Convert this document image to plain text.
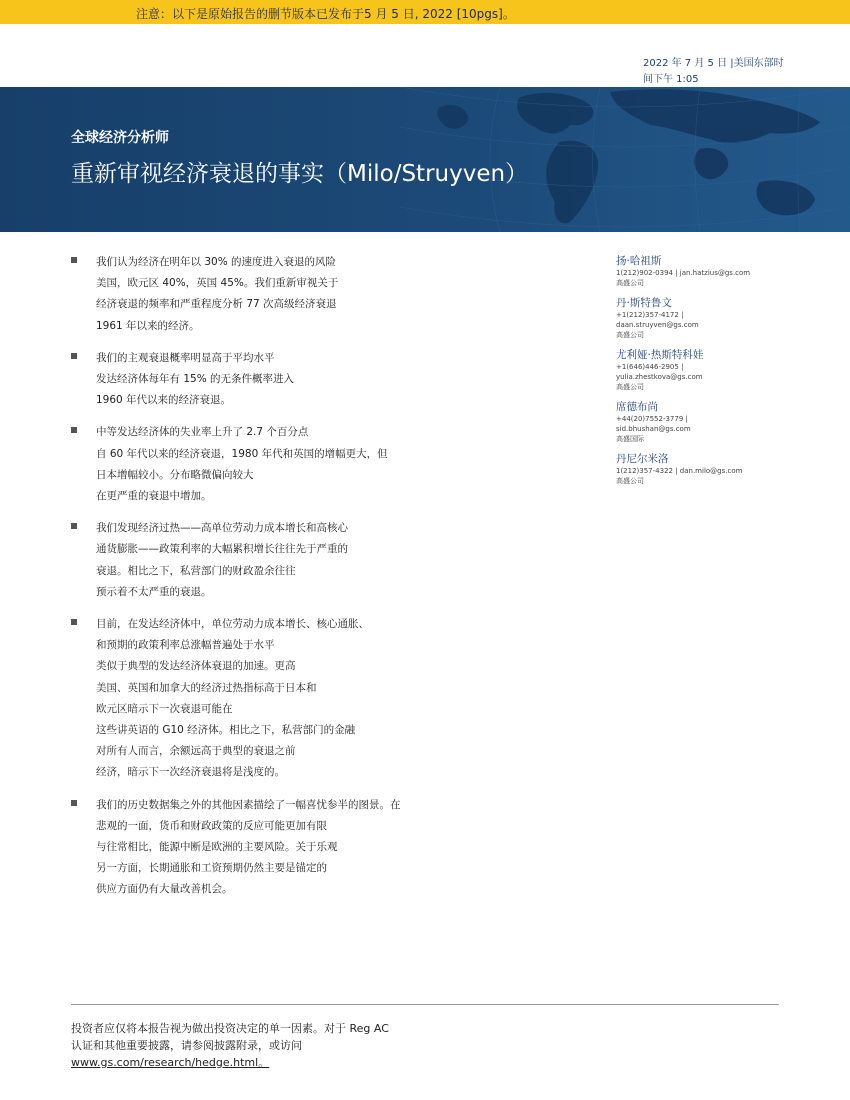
注意：以下是原始报告的删节版本已发布于5 月 5 日, 2022 [10pgs]。
2022 年 7 月 5 日 |美国东部时
间下午 1:05
全球经济分析师
重新审视经济衰退的事实（Milo/Struyven）
我们认为经济在明年以 30% 的速度进入衰退的风险
美国，欧元区 40%，英国 45%。我们重新审视关于
经济衰退的频率和严重程度分析 77 次高级经济衰退
1961 年以来的经济。
我们的主观衰退概率明显高于平均水平
发达经济体每年有 15% 的无条件概率进入
1960 年代以来的经济衰退。
中等发达经济体的失业率上升了 2.7 个百分点
自 60 年代以来的经济衰退，1980 年代和英国的增幅更大，但
日本增幅较小。分布略微偏向较大
在更严重的衰退中增加。
我们发现经济过热——高单位劳动力成本增长和高核心
通货膨胀——政策利率的大幅累积增长往往先于严重的
衰退。相比之下，私营部门的财政盈余往往
预示着不太严重的衰退。
目前，在发达经济体中，单位劳动力成本增长、核心通胀、
和预期的政策利率总涨幅普遍处于水平
类似于典型的发达经济体衰退的加速。更高
美国、英国和加拿大的经济过热指标高于日本和
欧元区暗示下一次衰退可能在
这些讲英语的 G10 经济体。相比之下，私营部门的金融
对所有人而言，余额远高于典型的衰退之前
经济，暗示下一次经济衰退将是浅度的。
我们的历史数据集之外的其他因素描绘了一幅喜忧参半的图景。在
悲观的一面，货币和财政政策的反应可能更加有限
与往常相比，能源中断是欧洲的主要风险。关于乐观
另一方面，长期通胀和工资预期仍然主要是锚定的
供应方面仍有大量改善机会。
扬·哈祖斯
1(212)902-0394 | jan.hatzius@gs.com
高盛公司
丹·斯特鲁文
+1(212)357-4172 |
daan.struyven@gs.com
高盛公司
尤利娅·热斯特科娃
+1(646)446-2905 |
yulia.zhestkova@gs.com
高盛公司
席德布尚
+44(20)7552-3779 |
sid.bhushan@gs.com
高盛国际
丹尼尔米洛
1(212)357-4322 | dan.milo@gs.com
高盛公司
投资者应仅将本报告视为做出投资决定的单一因素。对于 Reg AC
认证和其他重要披露，请参阅披露附录，或访问
www.gs.com/research/hedge.html。
